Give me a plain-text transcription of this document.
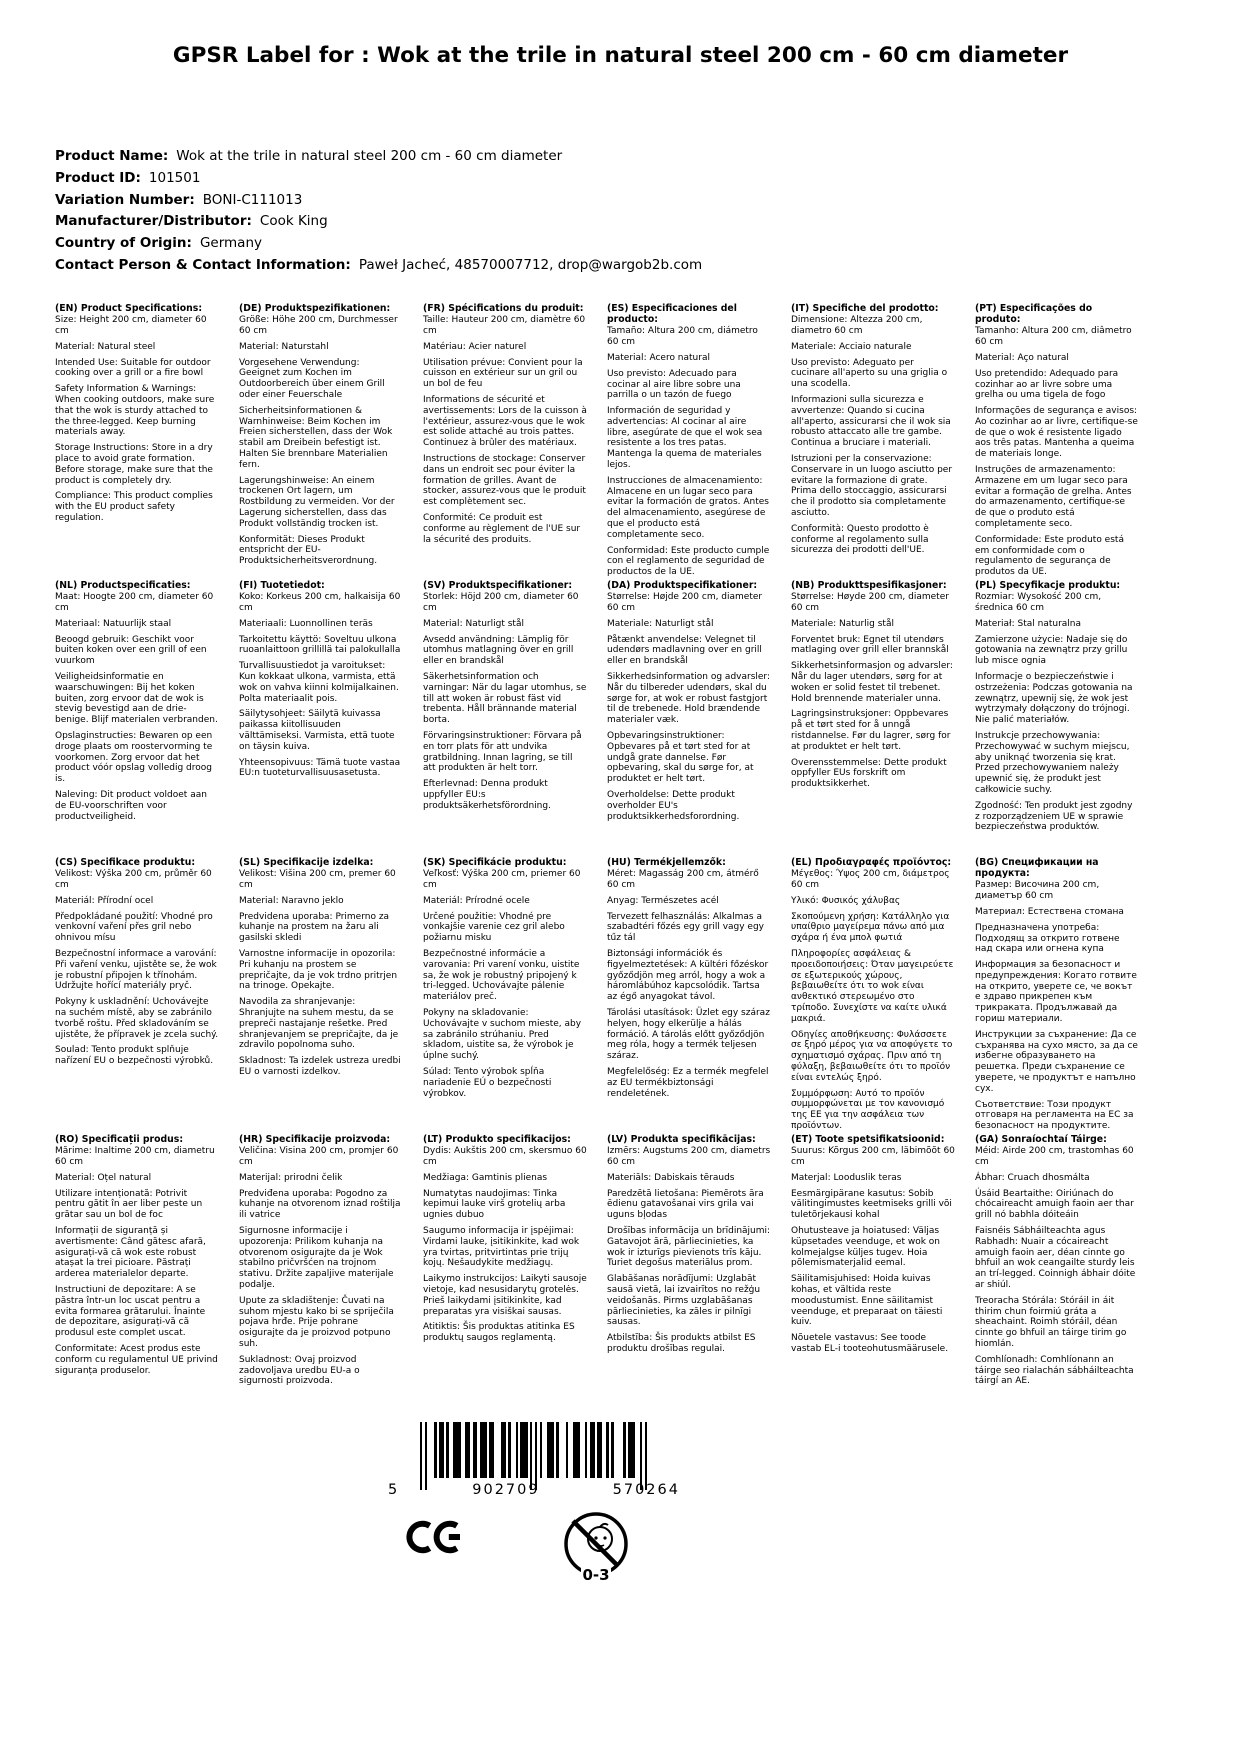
GPSR Label for : Wok at the trile in natural steel 200 cm - 60 cm diameter
Product Name: Wok at the trile in natural steel 200 cm - 60 cm diameter
Product ID: 101501
Variation Number: BONI-C111013
Manufacturer/Distributor: Cook King
Country of Origin: Germany
Contact Person & Contact Information: Paweł Jacheć, 48570007712, drop@wargob2b.com
(EN) Product Specifications:

Size: Height 200 cm, diameter 60 cm

Material: Natural steel

Intended Use: Suitable for outdoor cooking over a grill or a fire bowl

Safety Information & Warnings: When cooking outdoors, make sure that the wok is sturdy attached to the three-legged. Keep burning materials away.

Storage Instructions: Store in a dry place to avoid grate formation. Before storage, make sure that the product is completely dry.

Compliance: This product complies with the EU product safety regulation.

(DE) Produktspezifikationen:

Größe: Höhe 200 cm, Durchmesser 60 cm

Material: Naturstahl

Vorgesehene Verwendung: Geeignet zum Kochen im Outdoorbereich über einem Grill oder einer Feuerschale

Sicherheitsinformationen & Warnhinweise: Beim Kochen im Freien sicherstellen, dass der Wok stabil am Dreibein befestigt ist. Halten Sie brennbare Materialien fern.

Lagerungshinweise: An einem trockenen Ort lagern, um Rostbildung zu vermeiden. Vor der Lagerung sicherstellen, dass das Produkt vollständig trocken ist.

Konformität: Dieses Produkt entspricht der EU-Produktsicherheitsverordnung.

(FR) Spécifications du produit:

Taille: Hauteur 200 cm, diamètre 60 cm

Matériau: Acier naturel

Utilisation prévue: Convient pour la cuisson en extérieur sur un gril ou un bol de feu

Informations de sécurité et avertissements: Lors de la cuisson à l'extérieur, assurez-vous que le wok est solide attaché au trois pattes. Continuez à brûler des matériaux.

Instructions de stockage: Conserver dans un endroit sec pour éviter la formation de grilles. Avant de stocker, assurez-vous que le produit est complètement sec.

Conformité: Ce produit est conforme au règlement de l'UE sur la sécurité des produits.

(ES) Especificaciones del producto:

Tamaño: Altura 200 cm, diámetro 60 cm

Material: Acero natural

Uso previsto: Adecuado para cocinar al aire libre sobre una parrilla o un tazón de fuego

Información de seguridad y advertencias: Al cocinar al aire libre, asegúrate de que el wok sea resistente a los tres patas. Mantenga la quema de materiales lejos.

Instrucciones de almacenamiento: Almacene en un lugar seco para evitar la formación de gratos. Antes del almacenamiento, asegúrese de que el producto está completamente seco.

Conformidad: Este producto cumple con el reglamento de seguridad de productos de la UE.

(IT) Specifiche del prodotto:

Dimensione: Altezza 200 cm, diametro 60 cm

Materiale: Acciaio naturale

Uso previsto: Adeguato per cucinare all'aperto su una griglia o una scodella.

Informazioni sulla sicurezza e avvertenze: Quando si cucina all'aperto, assicurarsi che il wok sia robusto attaccato alle tre gambe. Continua a bruciare i materiali.

Istruzioni per la conservazione: Conservare in un luogo asciutto per evitare la formazione di grate. Prima dello stoccaggio, assicurarsi che il prodotto sia completamente asciutto.

Conformità: Questo prodotto è conforme al regolamento sulla sicurezza dei prodotti dell'UE.

(PT) Especificações do produto:

Tamanho: Altura 200 cm, diâmetro 60 cm

Material: Aço natural

Uso pretendido: Adequado para cozinhar ao ar livre sobre uma grelha ou uma tigela de fogo

Informações de segurança e avisos: Ao cozinhar ao ar livre, certifique-se de que o wok é resistente ligado aos três patas. Mantenha a queima de materiais longe.

Instruções de armazenamento: Armazene em um lugar seco para evitar a formação de grelha. Antes do armazenamento, certifique-se de que o produto está completamente seco.

Conformidade: Este produto está em conformidade com o regulamento de segurança de produtos da UE.

(NL) Productspecificaties:

Maat: Hoogte 200 cm, diameter 60 cm

Materiaal: Natuurlijk staal

Beoogd gebruik: Geschikt voor buiten koken over een grill of een vuurkom

Veiligheidsinformatie en waarschuwingen: Bij het koken buiten, zorg ervoor dat de wok is stevig bevestigd aan de drie-benige. Blijf materialen verbranden.

Opslaginstructies: Bewaren op een droge plaats om roostervorming te voorkomen. Zorg ervoor dat het product vóór opslag volledig droog is.

Naleving: Dit product voldoet aan de EU-voorschriften voor productveiligheid.

(FI) Tuotetiedot:

Koko: Korkeus 200 cm, halkaisija 60 cm

Materiaali: Luonnollinen teräs

Tarkoitettu käyttö: Soveltuu ulkona ruoanlaittoon grillillä tai palokullalla

Turvallisuustiedot ja varoitukset: Kun kokkaat ulkona, varmista, että wok on vahva kiinni kolmijalkainen. Polta materiaalit pois.

Säilytysohjeet: Säilytä kuivassa paikassa kiitollisuuden välttämiseksi. Varmista, että tuote on täysin kuiva.

Yhteensopivuus: Tämä tuote vastaa EU:n tuoteturvallisuusasetusta.

(SV) Produktspecifikationer:

Storlek: Höjd 200 cm, diameter 60 cm

Material: Naturligt stål

Avsedd användning: Lämplig för utomhus matlagning över en grill eller en brandskål

Säkerhetsinformation och varningar: När du lagar utomhus, se till att woken är robust fäst vid trebenta. Håll brännande material borta.

Förvaringsinstruktioner: Förvara på en torr plats för att undvika gratbildning. Innan lagring, se till att produkten är helt torr.

Efterlevnad: Denna produkt uppfyller EU:s produktsäkerhetsförordning.

(DA) Produktspecifikationer:

Størrelse: Højde 200 cm, diameter 60 cm

Materiale: Naturligt stål

Påtænkt anvendelse: Velegnet til udendørs madlavning over en grill eller en brandskål

Sikkerhedsinformation og advarsler: Når du tilbereder udendørs, skal du sørge for, at wok er robust fastgjort til de trebenede. Hold brændende materialer væk.

Opbevaringsinstruktioner: Opbevares på et tørt sted for at undgå grate dannelse. Før opbevaring, skal du sørge for, at produktet er helt tørt.

Overholdelse: Dette produkt overholder EU's produktsikkerhedsforordning.

(NB) Produkttspesifikasjoner:

Størrelse: Høyde 200 cm, diameter 60 cm

Materiale: Naturlig stål

Forventet bruk: Egnet til utendørs matlaging over grill eller brannskål

Sikkerhetsinformasjon og advarsler: Når du lager utendørs, sørg for at woken er solid festet til trebenet. Hold brennende materialer unna.

Lagringsinstruksjoner: Oppbevares på et tørt sted for å unngå ristdannelse. Før du lagrer, sørg for at produktet er helt tørt.

Overensstemmelse: Dette produkt oppfyller EUs forskrift om produktsikkerhet.

(PL) Specyfikacje produktu:

Rozmiar: Wysokość 200 cm, średnica 60 cm

Materiał: Stal naturalna

Zamierzone użycie: Nadaje się do gotowania na zewnątrz przy grillu lub misce ognia

Informacje o bezpieczeństwie i ostrzeżenia: Podczas gotowania na zewnątrz, upewnij się, że wok jest wytrzymały dołączony do trójnogi. Nie palić materiałów.

Instrukcje przechowywania: Przechowywać w suchym miejscu, aby uniknąć tworzenia się krat. Przed przechowywaniem należy upewnić się, że produkt jest całkowicie suchy.

Zgodność: Ten produkt jest zgodny z rozporządzeniem UE w sprawie bezpieczeństwa produktów.

(CS) Specifikace produktu:

Velikost: Výška 200 cm, průměr 60 cm

Materiál: Přírodní ocel

Předpokládané použití: Vhodné pro venkovní vaření přes gril nebo ohnivou mísu

Bezpečnostní informace a varování: Při vaření venku, ujistěte se, že wok je robustní připojen k třínohám. Udržujte hořící materiály pryč.

Pokyny k uskladnění: Uchovávejte na suchém místě, aby se zabránilo tvorbě roštu. Před skladováním se ujistěte, že přípravek je zcela suchý.

Soulad: Tento produkt splňuje nařízení EU o bezpečnosti výrobků.

(SL) Specifikacije izdelka:

Velikost: Višina 200 cm, premer 60 cm

Material: Naravno jeklo

Predvidena uporaba: Primerno za kuhanje na prostem na žaru ali gasilski skledi

Varnostne informacije in opozorila: Pri kuhanju na prostem se prepričajte, da je vok trdno pritrjen na trinoge. Opekajte.

Navodila za shranjevanje: Shranjujte na suhem mestu, da se prepreči nastajanje rešetke. Pred shranjevanjem se prepričajte, da je zdravilo popolnoma suho.

Skladnost: Ta izdelek ustreza uredbi EU o varnosti izdelkov.

(SK) Špecifikácie produktu:

Veľkosť: Výška 200 cm, priemer 60 cm

Materiál: Prírodné ocele

Určené použitie: Vhodné pre vonkajšie varenie cez gril alebo požiarnu misku

Bezpečnostné informácie a varovania: Pri varení vonku, uistite sa, že wok je robustný pripojený k tri-legged. Uchovávajte pálenie materiálov preč.

Pokyny na skladovanie: Uchovávajte v suchom mieste, aby sa zabránilo strúhaniu. Pred skladom, uistite sa, že výrobok je úplne suchý.

Súlad: Tento výrobok spĺňa nariadenie EÚ o bezpečnosti výrobkov.

(HU) Termékjellemzők:

Méret: Magasság 200 cm, átmérő 60 cm

Anyag: Természetes acél

Tervezett felhasználás: Alkalmas a szabadtéri főzés egy grill vagy egy tűz tál

Biztonsági információk és figyelmeztetések: A kültéri főzéskor győződjön meg arról, hogy a wok a háromlábúhoz kapcsolódik. Tartsa az égő anyagokat távol.

Tárolási utasítások: Üzlet egy száraz helyen, hogy elkerülje a hálás formáció. A tárolás előtt győződjön meg róla, hogy a termék teljesen száraz.

Megfelelőség: Ez a termék megfelel az EU termékbiztonsági rendeletének.

(EL) Προδιαγραφές προϊόντος:

Μέγεθος: Ύψος 200 cm, διάμετρος 60 cm

Υλικό: Φυσικός χάλυβας

Σκοπούμενη χρήση: Κατάλληλο για υπαίθριο μαγείρεμα πάνω από μια σχάρα ή ένα μπολ φωτιά

Πληροφορίες ασφάλειας & προειδοποιήσεις: Όταν μαγειρεύετε σε εξωτερικούς χώρους, βεβαιωθείτε ότι το wok είναι ανθεκτικό στερεωμένο στο τρίποδο. Συνεχίστε να καίτε υλικά μακριά.

Οδηγίες αποθήκευσης: Φυλάσσετε σε ξηρό μέρος για να αποφύγετε το σχηματισμό σχάρας. Πριν από τη φύλαξη, βεβαιωθείτε ότι το προϊόν είναι εντελώς ξηρό.

Συμμόρφωση: Αυτό το προϊόν συμμορφώνεται με τον κανονισμό της ΕΕ για την ασφάλεια των προϊόντων.

(BG) Спецификации на продукта:

Размер: Височина 200 cm, диаметър 60 cm

Материал: Естествена стомана

Предназначена употреба: Подходящ за открито готвене над скара или огнена купа

Информация за безопасност и предупреждения: Когато готвите на открито, уверете се, че вокът е здраво прикрепен към трикраката. Продължавай да гориш материали.

Инструкции за съхранение: Да се съхранява на сухо място, за да се избегне образуването на решетка. Преди съхранение се уверете, че продуктът е напълно сух.

Съответствие: Този продукт отговаря на регламента на ЕС за безопасност на продуктите.

(RO) Specificații produs:

Mărime: Inaltime 200 cm, diametru 60 cm

Material: Oțel natural

Utilizare intenționată: Potrivit pentru gătit în aer liber peste un grătar sau un bol de foc

Informații de siguranță și avertismente: Când gătesc afară, asigurați-vă că wok este robust atașat la trei picioare. Păstrați arderea materialelor departe.

Instructiuni de depozitare: A se păstra într-un loc uscat pentru a evita formarea grătarului. Înainte de depozitare, asigurați-vă că produsul este complet uscat.

Conformitate: Acest produs este conform cu regulamentul UE privind siguranța produselor.

(HR) Specifikacije proizvoda:

Veličina: Visina 200 cm, promjer 60 cm

Materijal: prirodni čelik

Predviđena uporaba: Pogodno za kuhanje na otvorenom iznad roštilja ili vatrice

Sigurnosne informacije i upozorenja: Prilikom kuhanja na otvorenom osigurajte da je Wok stabilno pričvršćen na trojnom stativu. Držite zapaljive materijale podalje.

Upute za skladištenje: Čuvati na suhom mjestu kako bi se spriječila pojava hrđe. Prije pohrane osigurajte da je proizvod potpuno suh.

Sukladnost: Ovaj proizvod zadovoljava uredbu EU-a o sigurnosti proizvoda.

(LT) Produkto specifikacijos:

Dydis: Aukštis 200 cm, skersmuo 60 cm

Medžiaga: Gamtinis plienas

Numatytas naudojimas: Tinka kepimui lauke virš grotelių arba ugnies dubuo

Saugumo informacija ir įspėjimai: Virdami lauke, įsitikinkite, kad wok yra tvirtas, pritvirtintas prie trijų kojų. Nešaudykite medžiagų.

Laikymo instrukcijos: Laikyti sausoje vietoje, kad nesusidarytų grotelės. Prieš laikydami įsitikinkite, kad preparatas yra visiškai sausas.

Atitiktis: Šis produktas atitinka ES produktų saugos reglamentą.

(LV) Produkta specifikācijas:

Izmērs: Augstums 200 cm, diametrs 60 cm

Materiāls: Dabiskais tērauds

Paredzētā lietošana: Piemērots āra ēdienu gatavošanai virs grila vai uguns bļodas

Drošības informācija un brīdinājumi: Gatavojot ārā, pārliecinieties, ka wok ir izturīgs pievienots trīs kāju. Turiet degošus materiālus prom.

Glabāšanas norādījumi: Uzglabāt sausā vietā, lai izvairītos no režģu veidošanās. Pirms uzglabāšanas pārliecinieties, ka zāles ir pilnīgi sausas.

Atbilstība: Šis produkts atbilst ES produktu drošības regulai.

(ET) Toote spetsifikatsioonid:

Suurus: Kõrgus 200 cm, läbimõõt 60 cm

Materjal: Looduslik teras

Eesmärgipärane kasutus: Sobib välitingimustes keetmiseks grilli või tuletõrjekausi kohal

Ohutusteave ja hoiatused: Väljas küpsetades veenduge, et wok on kolmejalgse küljes tugev. Hoia põlemismaterjalid eemal.

Säilitamisjuhised: Hoida kuivas kohas, et vältida reste moodustumist. Enne säilitamist veenduge, et preparaat on täiesti kuiv.

Nõuetele vastavus: See toode vastab EL-i tooteohutusmäärusele.

(GA) Sonraíochtaí Táirge:

Méid: Airde 200 cm, trastomhas 60 cm

Ábhar: Cruach dhosmálta

Úsáid Beartaithe: Oiriúnach do chócaireacht amuigh faoin aer thar grill nó babhla dóiteáin

Faisnéis Sábháilteachta agus Rabhadh: Nuair a cócaireacht amuigh faoin aer, déan cinnte go bhfuil an wok ceangailte sturdy leis an trí-legged. Coinnigh ábhair dóite ar shiúl.

Treoracha Stórála: Stóráil in áit thirim chun foirmiú gráta a sheachaint. Roimh stóráil, déan cinnte go bhfuil an táirge tirim go hiomlán.

Comhlíonadh: Comhlíonann an táirge seo rialachán sábháilteachta táirgí an AE.

5	902709	570264
0-3
